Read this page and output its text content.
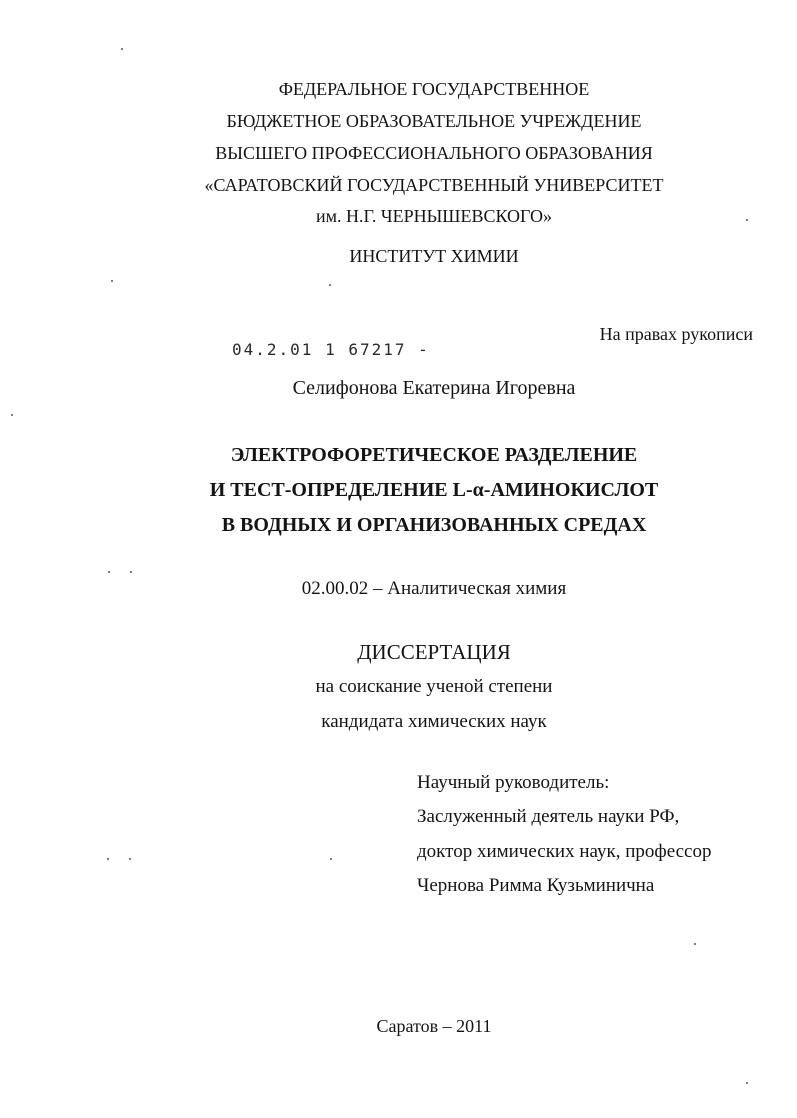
ФЕДЕРАЛЬНОЕ ГОСУДАРСТВЕННОЕ
БЮДЖЕТНОЕ ОБРАЗОВАТЕЛЬНОЕ УЧРЕЖДЕНИЕ
ВЫСШЕГО ПРОФЕССИОНАЛЬНОГО ОБРАЗОВАНИЯ
«САРАТОВСКИЙ ГОСУДАРСТВЕННЫЙ УНИВЕРСИТЕТ
им. Н.Г. ЧЕРНЫШЕВСКОГО»
ИНСТИТУТ ХИМИИ
На правах рукописи
04.2.01 1 67217 -
Селифонова Екатерина Игоревна
ЭЛЕКТРОФОРЕТИЧЕСКОЕ РАЗДЕЛЕНИЕ
И ТЕСТ-ОПРЕДЕЛЕНИЕ L-α-АМИНОКИСЛОТ
В ВОДНЫХ И ОРГАНИЗОВАННЫХ СРЕДАХ
02.00.02 – Аналитическая химия
ДИССЕРТАЦИЯ
на соискание ученой степени
кандидата химических наук
Научный руководитель:
Заслуженный деятель науки РФ,
доктор химических наук, профессор
Чернова Римма Кузьминична
Саратов – 2011
